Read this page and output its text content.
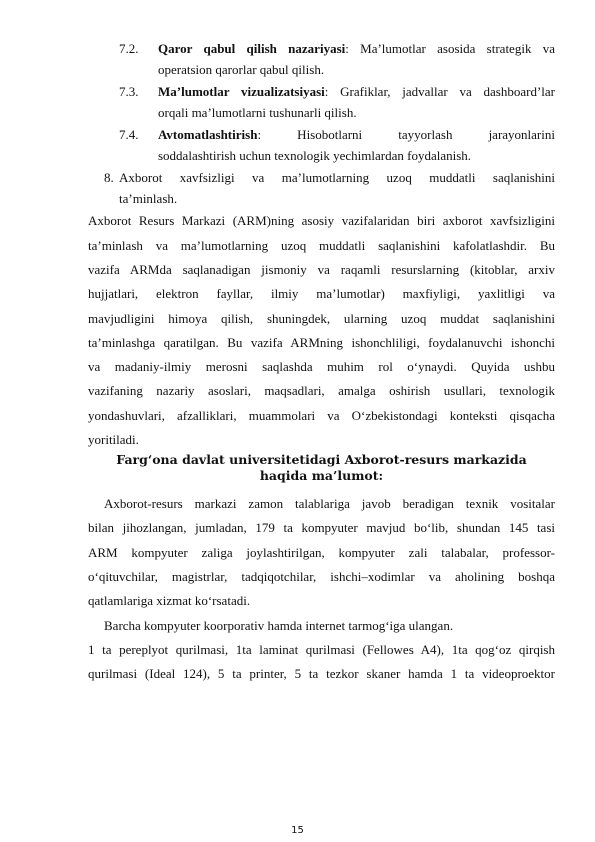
7.2. Qaror qabul qilish nazariyasi: Ma’lumotlar asosida strategik va

operatsion qarorlar qabul qilish.

7.3. Ma’lumotlar vizualizatsiyasi: Grafiklar, jadvallar va dashboard’lar

orqali ma’lumotlarni tushunarli qilish.

7.4. Avtomatlashtirish: Hisobotlarni tayyorlash jarayonlarini

soddalashtirish uchun texnologik yechimlardan foydalanish.

8. Axborot xavfsizligi va ma’lumotlarning uzoq muddatli saqlanishini

ta’minlash.

Axborot Resurs Markazi (ARM)ning asosiy vazifalaridan biri axborot xavfsizligini

ta’minlash va ma’lumotlarning uzoq muddatli saqlanishini kafolatlashdir. Bu

vazifa ARMda saqlanadigan jismoniy va raqamli resurslarning (kitoblar, arxiv

hujjatlari, elektron fayllar, ilmiy ma’lumotlar) maxfiyligi, yaxlitligi va

mavjudligini himoya qilish, shuningdek, ularning uzoq muddat saqlanishini

ta’minlashga qaratilgan. Bu vazifa ARMning ishonchliligi, foydalanuvchi ishonchi

va madaniy-ilmiy merosni saqlashda muhim rol o‘ynaydi. Quyida ushbu

vazifaning nazariy asoslari, maqsadlari, amalga oshirish usullari, texnologik

yondashuvlari, afzalliklari, muammolari va O‘zbekistondagi konteksti qisqacha

yoritiladi.

Farg‘ona davlat universitetidagi Axborot-resurs markazida

haqida ma’lumot:

Axborot-resurs markazi zamon talablariga javob beradigan texnik vositalar

bilan jihozlangan, jumladan, 179 ta kompyuter mavjud bo‘lib, shundan 145 tasi

ARM kompyuter zaliga joylashtirilgan, kompyuter zali talabalar, professor-

o‘qituvchilar, magistrlar, tadqiqotchilar, ishchi–xodimlar va aholining boshqa

qatlamlariga xizmat ko‘rsatadi.

Barcha kompyuter koorporativ hamda internet tarmog‘iga ulangan.

1 ta pereplyot qurilmasi, 1ta laminat qurilmasi (Fellowes A4), 1ta qog‘oz qirqish

qurilmasi (Ideal 124), 5 ta printer, 5 ta tezkor skaner hamda 1 ta videoproektor

15
